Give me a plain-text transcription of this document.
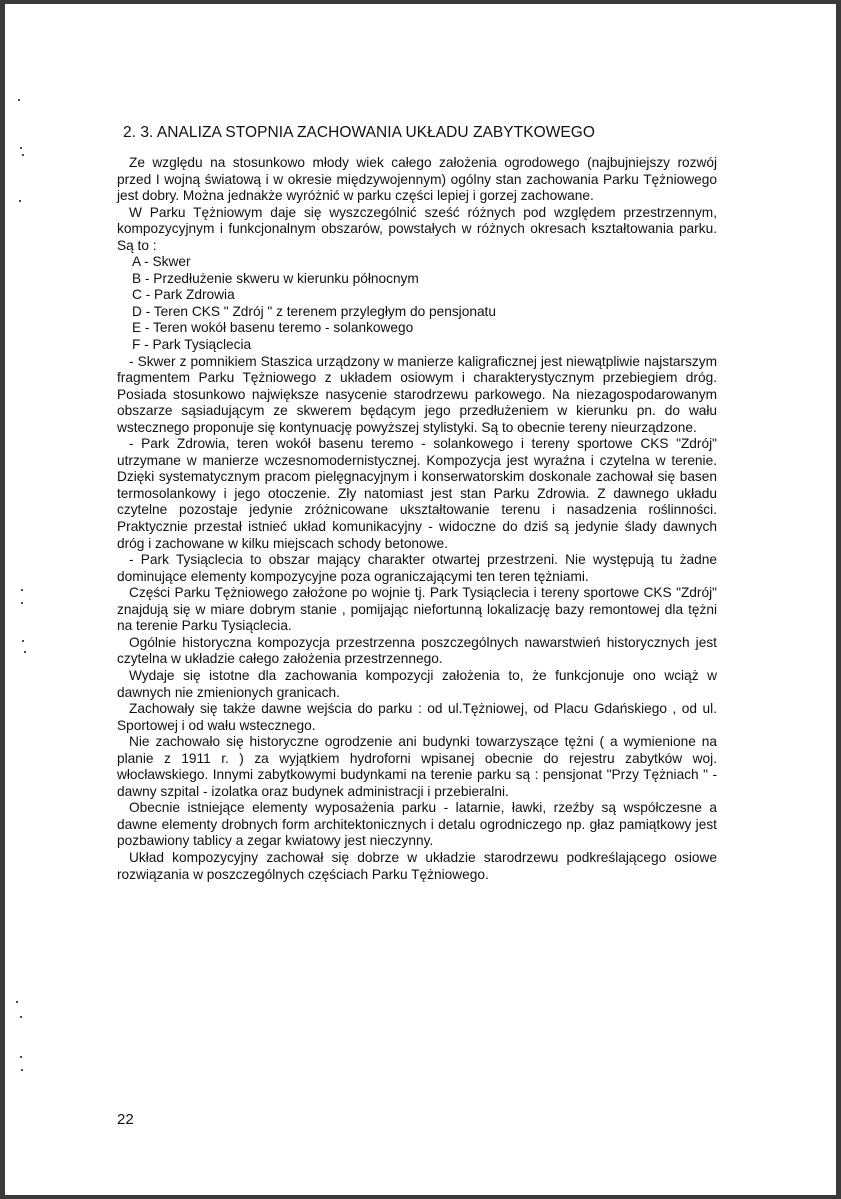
2. 3. ANALIZA STOPNIA ZACHOWANIA UKŁADU ZABYTKOWEGO

Ze względu na stosunkowo młody wiek całego założenia ogrodowego (najbujniejszy rozwój przed I wojną światową i w okresie międzywojennym) ogólny stan zachowania Parku Tężniowego jest dobry. Można jednakże wyróżnić w parku części lepiej i gorzej zachowane.

W Parku Tężniowym daje się wyszczególnić sześć różnych pod względem przestrzennym, kompozycyjnym i funkcjonalnym obszarów, powstałych w różnych okresach kształtowania parku. Są to :

A - Skwer

B - Przedłużenie skweru w kierunku północnym

C - Park Zdrowia

D - Teren CKS " Zdrój " z terenem przyległym do pensjonatu

E - Teren wokół basenu teremo - solankowego

F - Park Tysiąclecia

- Skwer z pomnikiem Staszica urządzony w manierze kaligraficznej jest niewątpliwie najstarszym fragmentem Parku Tężniowego z układem osiowym i charakterystycznym przebiegiem dróg. Posiada stosunkowo największe nasycenie starodrzewu parkowego. Na niezagospodarowanym obszarze sąsiadującym ze skwerem będącym jego przedłużeniem w kierunku pn. do wału wstecznego proponuje się kontynuację powyższej stylistyki. Są to obecnie tereny nieurządzone.

- Park Zdrowia, teren wokół basenu teremo - solankowego i tereny sportowe CKS "Zdrój" utrzymane w manierze wczesnomodernistycznej. Kompozycja jest wyraźna i czytelna w terenie. Dzięki systematycznym pracom pielęgnacyjnym i konserwatorskim doskonale zachował się basen termosolankowy i jego otoczenie. Zły natomiast jest stan Parku Zdrowia. Z dawnego układu czytelne pozostaje jedynie zróżnicowane ukształtowanie terenu i nasadzenia roślinności. Praktycznie przestał istnieć układ komunikacyjny - widoczne do dziś są jedynie ślady dawnych dróg i zachowane w kilku miejscach schody betonowe.

- Park Tysiąclecia to obszar mający charakter otwartej przestrzeni. Nie występują tu żadne dominujące elementy kompozycyjne poza ograniczającymi ten teren tężniami.

Części Parku Tężniowego założone po wojnie tj. Park Tysiąclecia i tereny sportowe CKS "Zdrój" znajdują się w miare dobrym stanie , pomijając niefortunną lokalizację bazy remontowej dla tężni na terenie Parku Tysiąclecia.

Ogólnie historyczna kompozycja przestrzenna poszczególnych nawarstwień historycznych jest czytelna w układzie całego założenia przestrzennego.

Wydaje się istotne dla zachowania kompozycji założenia to, że funkcjonuje ono wciąż w dawnych nie zmienionych granicach.

Zachowały się także dawne wejścia do parku : od ul.Tężniowej, od Placu Gdańskiego , od ul. Sportowej i od wału wstecznego.

Nie zachowało się historyczne ogrodzenie ani budynki towarzyszące tężni ( a wymienione na planie z 1911 r. ) za wyjątkiem hydroforni wpisanej obecnie do rejestru zabytków woj. włocławskiego. Innymi zabytkowymi budynkami na terenie parku są : pensjonat "Przy Tężniach " - dawny szpital - izolatka oraz budynek administracji i przebieralni.

Obecnie istniejące elementy wyposażenia parku - latarnie, ławki, rzeźby są współczesne a dawne elementy drobnych form architektonicznych i detalu ogrodniczego np. głaz pamiątkowy jest pozbawiony tablicy a zegar kwiatowy jest nieczynny.

Układ kompozycyjny zachował się dobrze w układzie starodrzewu podkreślającego osiowe rozwiązania w poszczególnych częściach Parku Tężniowego.

22
